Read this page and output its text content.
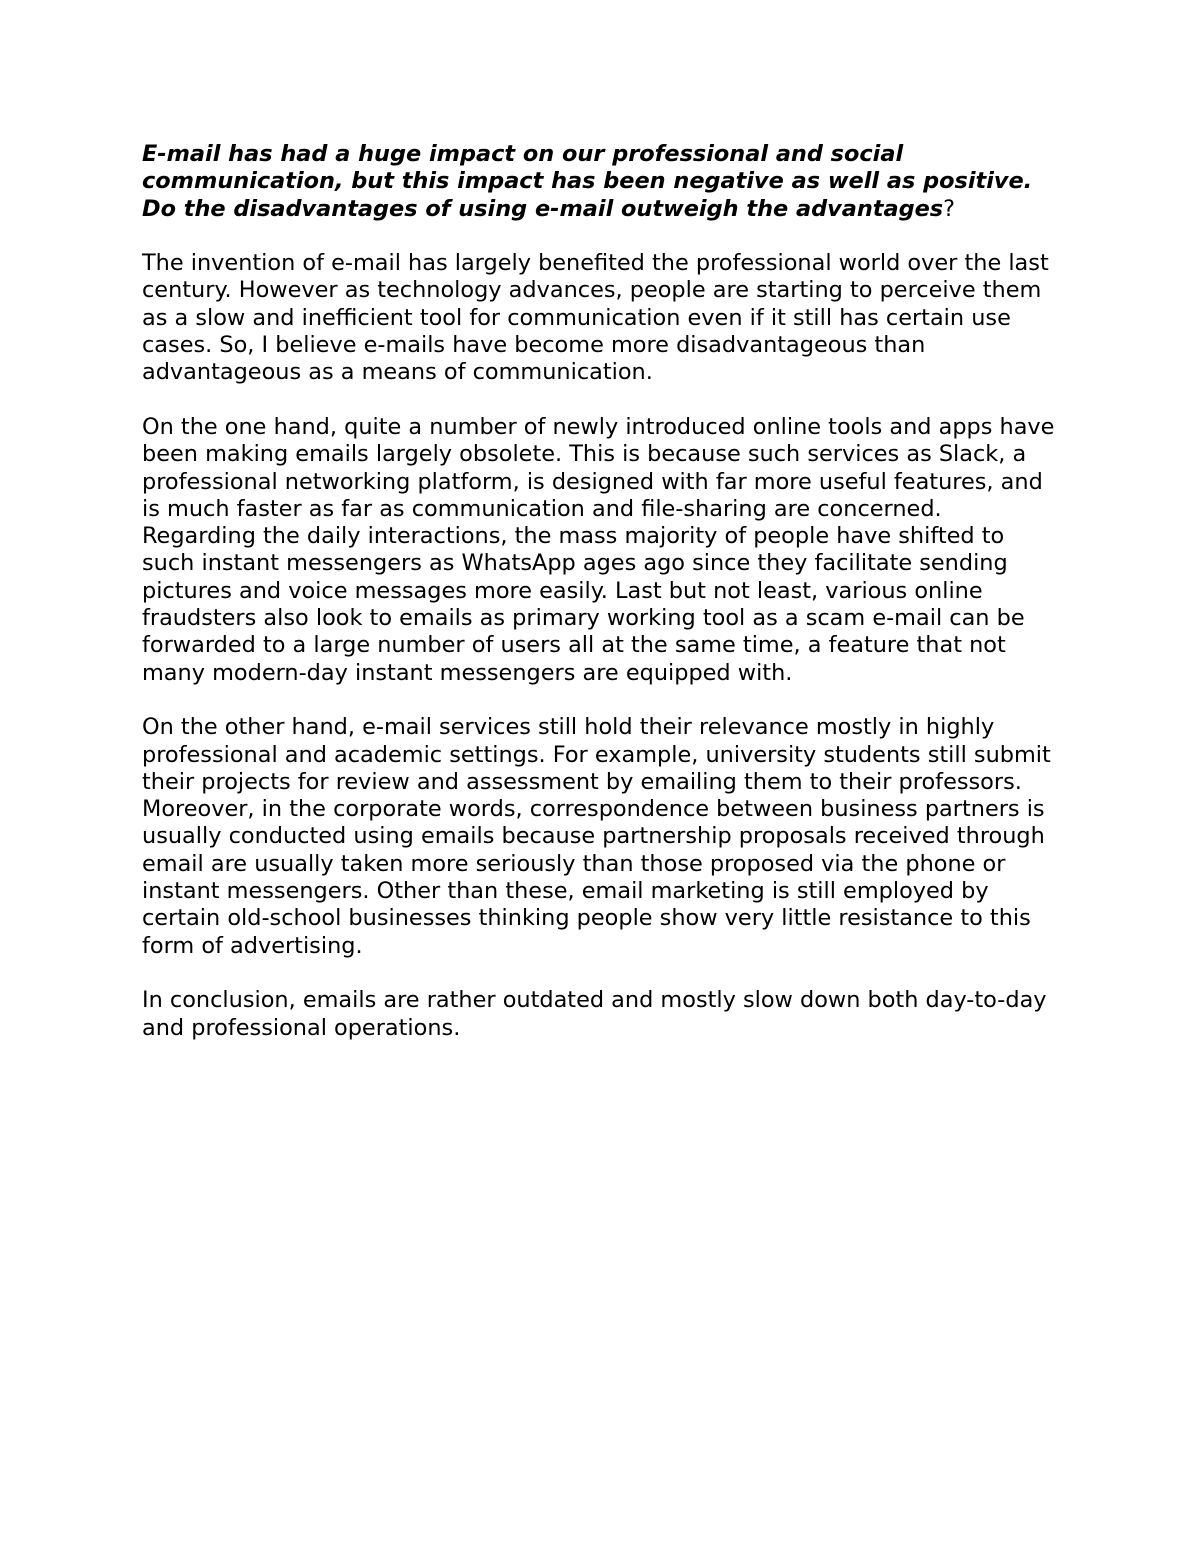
E-mail has had a huge impact on our professional and social communication, but this impact has been negative as well as positive. Do the disadvantages of using e-mail outweigh the advantages?

The invention of e-mail has largely benefited the professional world over the last century. However as technology advances, people are starting to perceive them as a slow and inefficient tool for communication even if it still has certain use cases. So, I believe e-mails have become more disadvantageous than advantageous as a means of communication.

On the one hand, quite a number of newly introduced online tools and apps have been making emails largely obsolete. This is because such services as Slack, a professional networking platform, is designed with far more useful features, and is much faster as far as communication and file-sharing are concerned. Regarding the daily interactions, the mass majority of people have shifted to such instant messengers as WhatsApp ages ago since they facilitate sending pictures and voice messages more easily. Last but not least, various online fraudsters also look to emails as primary working tool as a scam e-mail can be forwarded to a large number of users all at the same time, a feature that not many modern-day instant messengers are equipped with.

On the other hand, e-mail services still hold their relevance mostly in highly professional and academic settings. For example, university students still submit their projects for review and assessment by emailing them to their professors. Moreover, in the corporate words, correspondence between business partners is usually conducted using emails because partnership proposals received through email are usually taken more seriously than those proposed via the phone or instant messengers. Other than these, email marketing is still employed by certain old-school businesses thinking people show very little resistance to this form of advertising.

In conclusion, emails are rather outdated and mostly slow down both day-to-day and professional operations.
